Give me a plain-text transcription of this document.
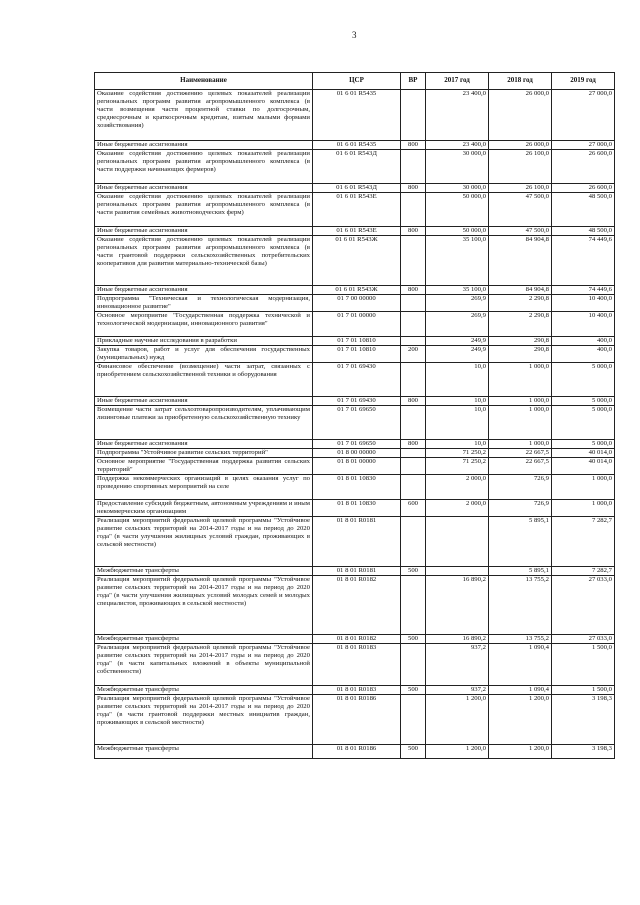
3
Наименование	ЦСР	ВР	2017 год	2018 год	2019 год
Оказание содействия достижению целевых показателей реализации региональных программ развития агропромышленного комплекса (в части возмещения части процентной ставки по долгосрочным, среднесрочным и краткосрочным кредитам, взятым малыми формами хозяйствования)	01 6 01 R5435		23 400,0	26 000,0	27 000,0
Иные бюджетные ассигнования	01 6 01 R5435	800	23 400,0	26 000,0	27 000,0
Оказание содействия достижению целевых показателей реализации региональных программ развития агропромышленного комплекса (в части поддержки начинающих фермеров)	01 6 01 R543Д		30 000,0	26 100,0	26 600,0
Иные бюджетные ассигнования	01 6 01 R543Д	800	30 000,0	26 100,0	26 600,0
Оказание содействия достижению целевых показателей реализации региональных программ развития агропромышленного комплекса (в части развития семейных животноводческих ферм)	01 6 01 R543Е		50 000,0	47 500,0	48 500,0
Иные бюджетные ассигнования	01 6 01 R543Е	800	50 000,0	47 500,0	48 500,0
Оказание содействия достижению целевых показателей реализации региональных программ развития агропромышленного комплекса (в части грантовой поддержки сельскохозяйственных потребительских кооперативов для развития материально-технической базы)	01 6 01 R543Ж		35 100,0	84 904,8	74 449,6
Иные бюджетные ассигнования	01 6 01 R543Ж	800	35 100,0	84 904,8	74 449,6
Подпрограмма "Техническая и технологическая модернизация, инновационное развитие"	01 7 00 00000		269,9	2 290,8	10 400,0
Основное мероприятие "Государственная поддержка технической и технологической модернизации, инновационного развития"	01 7 01 00000		269,9	2 290,8	10 400,0
Прикладные научные исследования в разработки	01 7 01 10810		249,9	290,8	400,0
Закупка товаров, работ и услуг для обеспечения государственных (муниципальных) нужд	01 7 01 10810	200	249,9	290,8	400,0
Финансовое обеспечение (возмещение) части затрат, связанных с приобретением сельскохозяйственной техники и оборудования	01 7 01 69430		10,0	1 000,0	5 000,0
Иные бюджетные ассигнования	01 7 01 69430	800	10,0	1 000,0	5 000,0
Возмещение части затрат сельхозтоваропроизводителям, уплачивающим лизинговые платежи за приобретенную сельскохозяйственную технику	01 7 01 69650		10,0	1 000,0	5 000,0
Иные бюджетные ассигнования	01 7 01 69650	800	10,0	1 000,0	5 000,0
Подпрограмма "Устойчивое развитие сельских территорий"	01 8 00 00000		71 250,2	22 667,5	40 014,0
Основное мероприятие "Государственная поддержка развития сельских территорий"	01 8 01 00000		71 250,2	22 667,5	40 014,0
Поддержка некоммерческих организаций в целях оказания услуг по проведению спортивных мероприятий на селе	01 8 01 10830		2 000,0	726,9	1 000,0
Предоставление субсидий бюджетным, автономным учреждениям и иным некоммерческим организациям	01 8 01 10830	600	2 000,0	726,9	1 000,0
Реализация мероприятий федеральной целевой программы "Устойчивое развитие сельских территорий на 2014-2017 годы и на период до 2020 года" (в части улучшения жилищных условий граждан, проживающих в сельской местности)	01 8 01 R0181			5 895,1	7 282,7
Межбюджетные трансферты	01 8 01 R0181	500		5 895,1	7 282,7
Реализация мероприятий федеральной целевой программы "Устойчивое развитие сельских территорий на 2014-2017 годы и на период до 2020 года" (в части улучшения жилищных условий молодых семей и молодых специалистов, проживающих в сельской местности)	01 8 01 R0182		16 890,2	13 755,2	27 033,0
Межбюджетные трансферты	01 8 01 R0182	500	16 890,2	13 755,2	27 033,0
Реализация мероприятий федеральной целевой программы "Устойчивое развитие сельских территорий на 2014-2017 годы и на период до 2020 года" (в части капитальных вложений в объекты муниципальной собственности)	01 8 01 R0183		937,2	1 090,4	1 500,0
Межбюджетные трансферты	01 8 01 R0183	500	937,2	1 090,4	1 500,0
Реализация мероприятий федеральной целевой программы "Устойчивое развитие сельских территорий на 2014-2017 годы и на период до 2020 года" (в части грантовой поддержки местных инициатив граждан, проживающих в сельской местности)	01 8 01 R0186		1 200,0	1 200,0	3 198,3
Межбюджетные трансферты	01 8 01 R0186	500	1 200,0	1 200,0	3 198,3
